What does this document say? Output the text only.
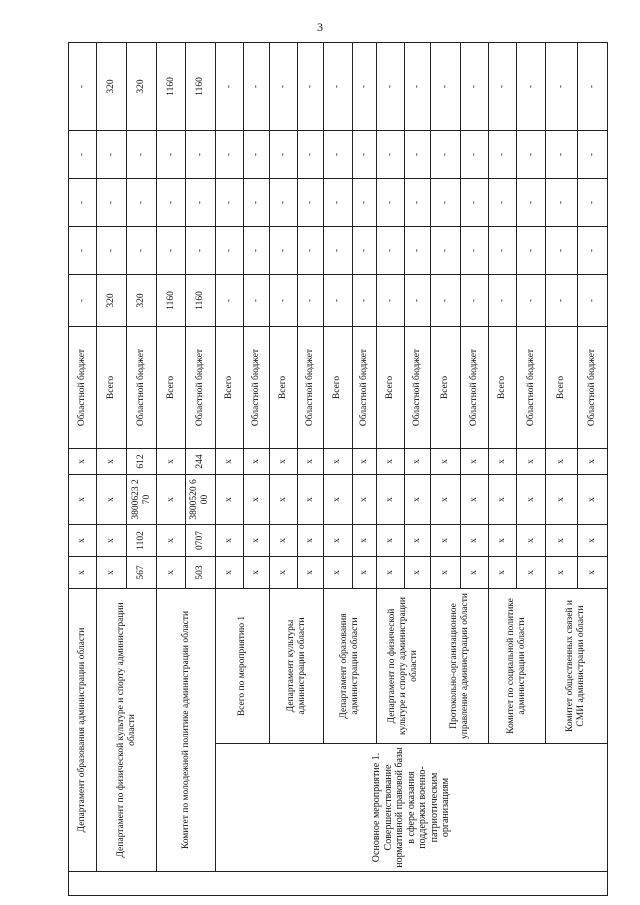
3
	Департамент образования администрации области		x	x	x	x	Областной бюджет	-	-	-	-	-
	Департамент по физической культуре и спорту администрации области		x	x	x	x	Всего	320	-	-	-	320
			567	1102	3800623 270	612	Областной бюджет	320	-	-	-	320
	Комитет по молодежной политике администрации области		x	x	x	x	Всего	1160	-	-	-	1160
			503	0707	3800520 600	244	Областной бюджет	1160	-	-	-	1160
	Основное мероприятие 1. Совершенствование нормативной правовой базы в сфере оказания поддержки военно-патриотическим организациям	Всего по мероприятию 1	x	x	x	x	Всего	-	-	-	-	-
			x	x	x	x	Областной бюджет	-	-	-	-	-
		Департамент культуры администрации области	x	x	x	x	Всего	-	-	-	-	-
			x	x	x	x	Областной бюджет	-	-	-	-	-
		Департамент образования администрации области	x	x	x	x	Всего	-	-	-	-	-
			x	x	x	x	Областной бюджет	-	-	-	-	-
		Департамент по физической культуре и спорту администрации области	x	x	x	x	Всего	-	-	-	-	-
			x	x	x	x	Областной бюджет	-	-	-	-	-
		Протокольно-организационное управление администрации области	x	x	x	x	Всего	-	-	-	-	-
			x	x	x	x	Областной бюджет	-	-	-	-	-
		Комитет по социальной политике администрации области	x	x	x	x	Всего	-	-	-	-	-
			x	x	x	x	Областной бюджет	-	-	-	-	-
		Комитет общественных связей и СМИ администрации области	x	x	x	x	Всего	-	-	-	-	-
			x	x	x	x	Областной бюджет	-	-	-	-	-
